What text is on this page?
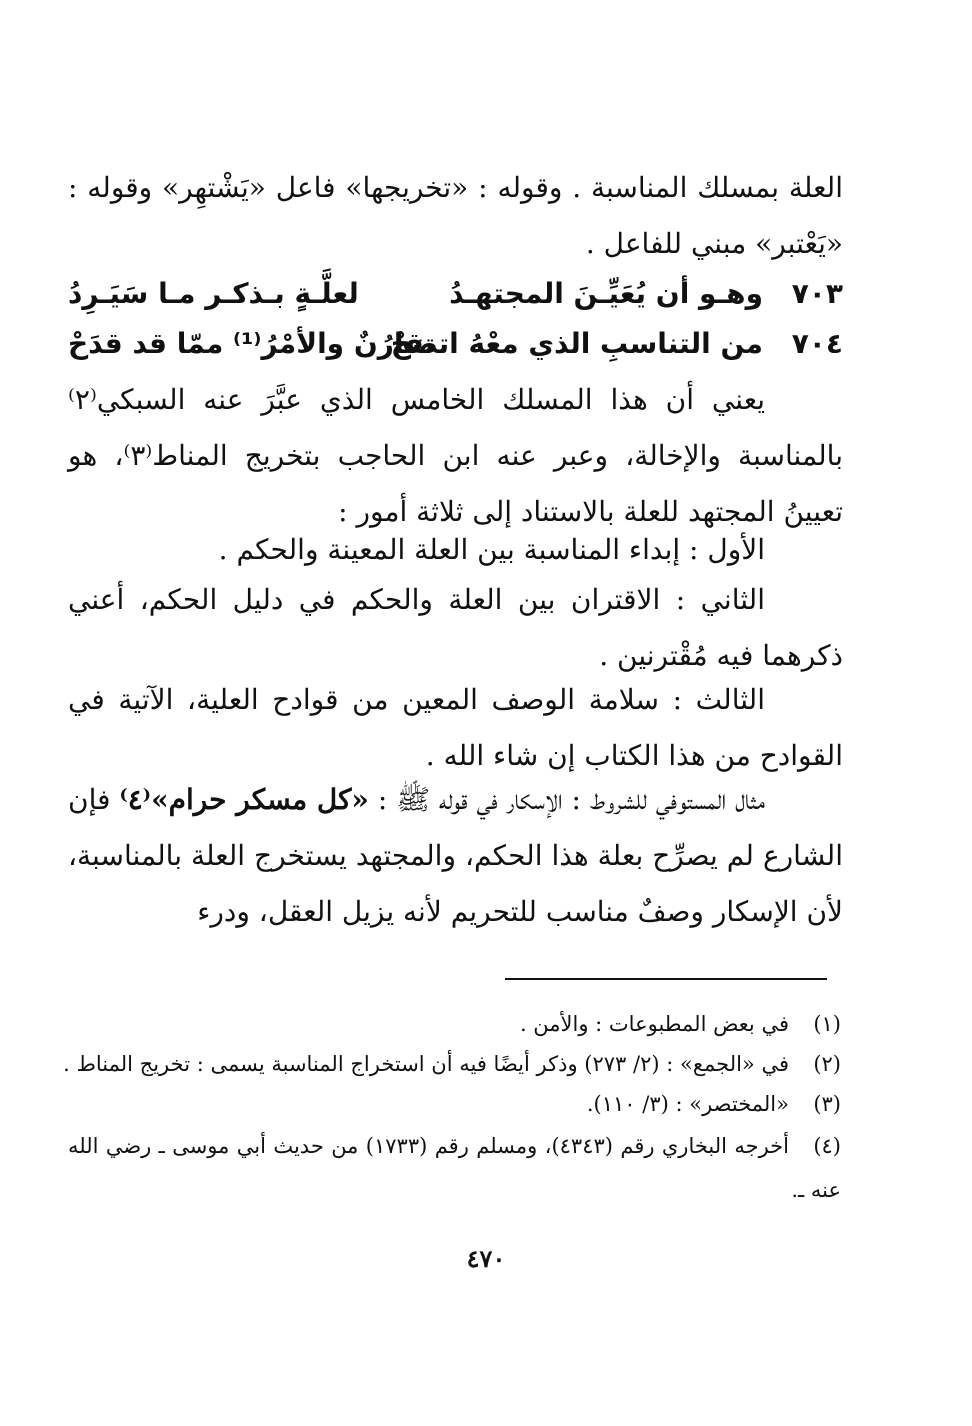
العلة بمسلك المناسبة . وقوله : «تخريجها» فاعل «يَشْتهِر» وقوله : «يَعْتبر» مبني للفاعل .
٧٠٣
وهـو أن يُعَيِّـنَ المجتهـدُ
لعلَّـةٍ بـذكـر مـا سَيَـرِدُ
٧٠٤
من التناسبِ الذي معْهُ اتضحْ
تقارُنٌ والأمْرُ⁽¹⁾ ممّا قد قدَحْ
يعني أن هذا المسلك الخامس الذي عبَّرَ عنه السبكي⁽٢⁾ بالمناسبة والإخالة، وعبر عنه ابن الحاجب بتخريج المناط⁽٣⁾، هو تعيينُ المجتهد للعلة بالاستناد إلى ثلاثة أمور :
الأول : إبداء المناسبة بين العلة المعينة والحكم .
الثاني : الاقتران بين العلة والحكم في دليل الحكم، أعني ذكرهما فيه مُقْترنين .
الثالث : سلامة الوصف المعين من قوادح العلية، الآتية في القوادح من هذا الكتاب إن شاء الله .
مثال المستوفي للشروط : الإسكار في قوله ﷺ : «كل مسكر حرام»⁽٤⁾ فإن الشارع لم يصرِّح بعلة هذا الحكم، والمجتهد يستخرج العلة بالمناسبة، لأن الإسكار وصفٌ مناسب للتحريم لأنه يزيل العقل، ودرء
(١)في بعض المطبوعات : والأمن .
(٢)في «الجمع» : (٢/ ٢٧٣) وذكر أيضًا فيه أن استخراج المناسبة يسمى : تخريج المناط .
(٣)«المختصر» : (٣/ ١١٠).
(٤)أخرجه البخاري رقم (٤٣٤٣)، ومسلم رقم (١٧٣٣) من حديث أبي موسى ـ رضي الله عنه ـ.
٤٧٠
